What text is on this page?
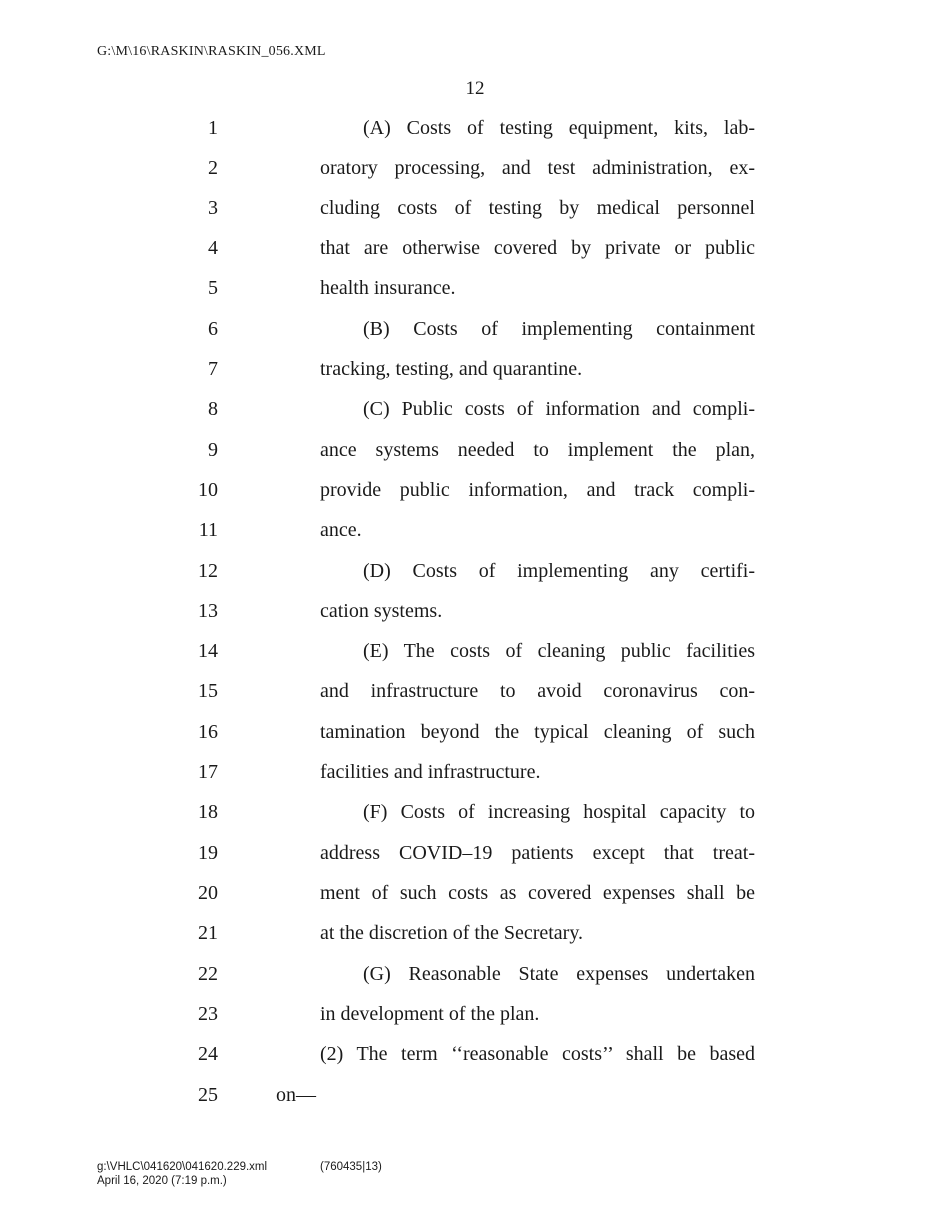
G:\M\16\RASKIN\RASKIN_056.XML
12
1	(A) Costs of testing equipment, kits, lab-
2	oratory processing, and test administration, ex-
3	cluding costs of testing by medical personnel
4	that are otherwise covered by private or public
5	health insurance.
6	(B) Costs of implementing containment
7	tracking, testing, and quarantine.
8	(C) Public costs of information and compli-
9	ance systems needed to implement the plan,
10	provide public information, and track compli-
11	ance.
12	(D) Costs of implementing any certifi-
13	cation systems.
14	(E) The costs of cleaning public facilities
15	and infrastructure to avoid coronavirus con-
16	tamination beyond the typical cleaning of such
17	facilities and infrastructure.
18	(F) Costs of increasing hospital capacity to
19	address COVID–19 patients except that treat-
20	ment of such costs as covered expenses shall be
21	at the discretion of the Secretary.
22	(G) Reasonable State expenses undertaken
23	in development of the plan.
24	(2) The term ‘‘reasonable costs’’ shall be based
25	on—
g:\VHLC\041620\041620.229.xml	(760435|13)
April 16, 2020 (7:19 p.m.)
